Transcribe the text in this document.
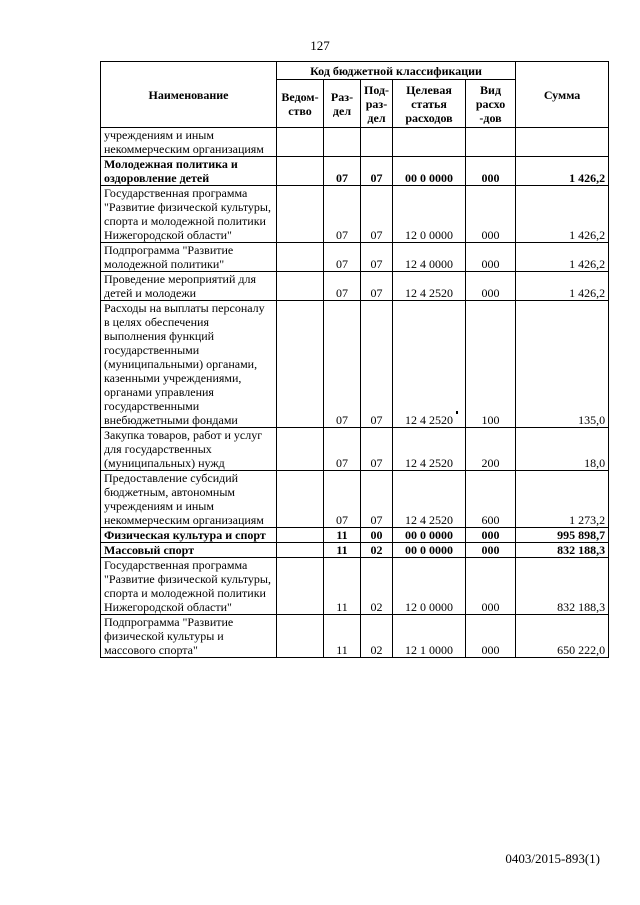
127
Наименование	Код бюджетной классификации					Сумма
	Ведом-ство	Раз-дел	Под-раз-дел	Целевая статья расходов	Вид расхо -дов	
учреждениям и иным некоммерческим организациям						
Молодежная политика и оздоровление детей		07	07	00 0 0000	000	1 426,2
Государственная программа "Развитие физической культуры, спорта и молодежной политики Нижегородской области"		07	07	12 0 0000	000	1 426,2
Подпрограмма "Развитие молодежной политики"		07	07	12 4 0000	000	1 426,2
Проведение мероприятий для детей и молодежи		07	07	12 4 2520	000	1 426,2
Расходы на выплаты персоналу в целях обеспечения выполнения функций государственными (муниципальными) органами, казенными учреждениями, органами управления государственными внебюджетными фондами		07	07	12 4 2520	100	135,0
Закупка товаров, работ и услуг для государственных (муниципальных) нужд		07	07	12 4 2520	200	18,0
Предоставление субсидий бюджетным, автономным учреждениям и иным некоммерческим организациям		07	07	12 4 2520	600	1 273,2
Физическая культура и спорт		11	00	00 0 0000	000	995 898,7
Массовый спорт		11	02	00 0 0000	000	832 188,3
Государственная программа "Развитие физической культуры, спорта и молодежной политики Нижегородской области"		11	02	12 0 0000	000	832 188,3
Подпрограмма "Развитие физической культуры и массового спорта"		11	02	12 1 0000	000	650 222,0
0403/2015-893(1)
